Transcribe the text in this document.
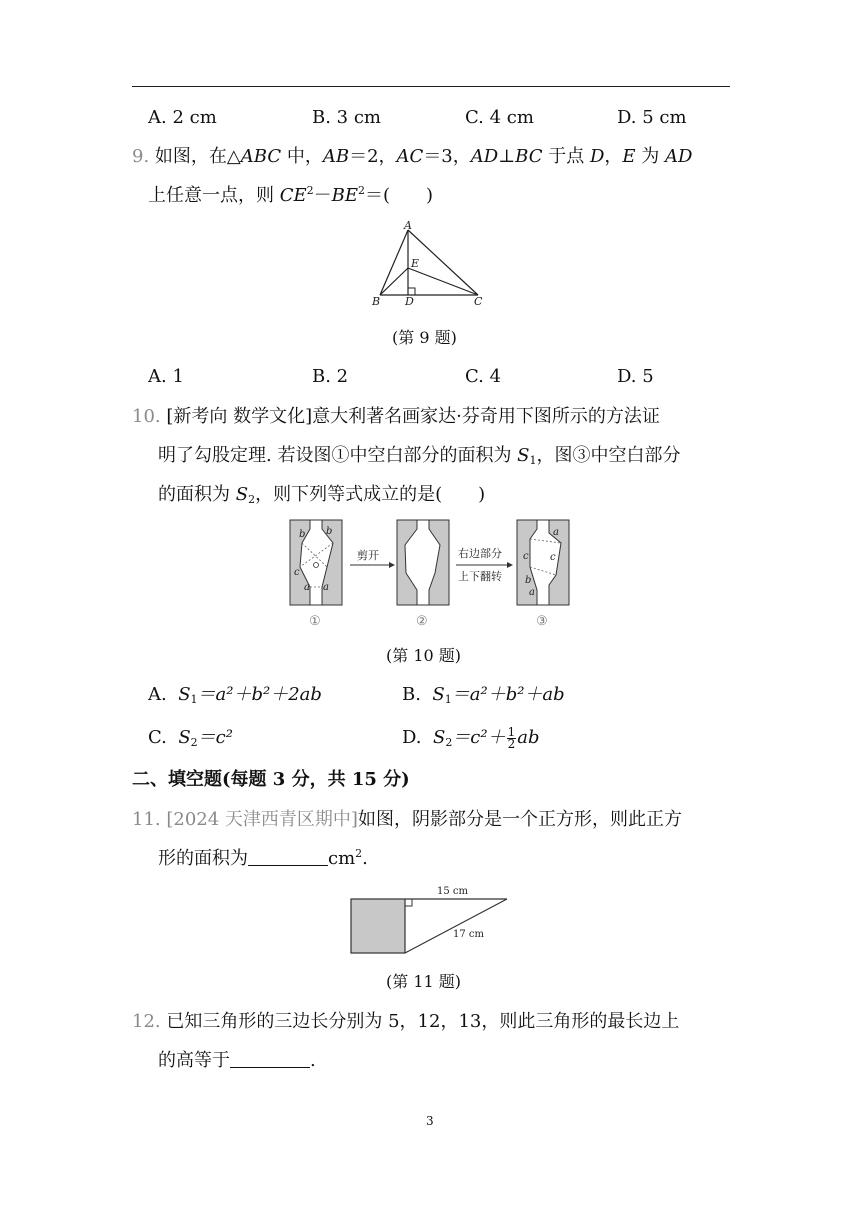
A. 2 cm	B. 3 cm	C. 4 cm	D. 5 cm
9. 如图，在△ABC 中，AB＝2，AC＝3，AD⊥BC 于点 D，E 为 AD
上任意一点，则 $CE^2-BE^2=$(　　)
A
B	C
D
E
(第 9 题)
A. 1	B. 2	C. 4	D. 5
10. [新考向 数学文化]意大利著名画家达·芬奇用下图所示的方法证
明了勾股定理. 若设图①中空白部分的面积为 $S_1$，图③中空白部分
的面积为 $S_2$，则下列等式成立的是(　　)
b b
c
a a
剪开	右边部分
上下翻转
a
c c
b
a
①	②	③
(第 10 题)
A. $S_1=a^2+b^2+2ab$	B. $S_1=a^2+b^2+ab$
C. $S_2=c^2$	D. $S_2=c^2+ \frac{1}{2}$ ab
二、填空题(每题 3 分，共 15 分)
11. [2024 天津西青区期中]如图，阴影部分是一个正方形，则此正方
形的面积为	$cm^2$.
15 cm
17 cm
(第 11 题)
12. 已知三角形的三边长分别为 5，12，13，则此三角形的最长边上
的高等于	.
3
